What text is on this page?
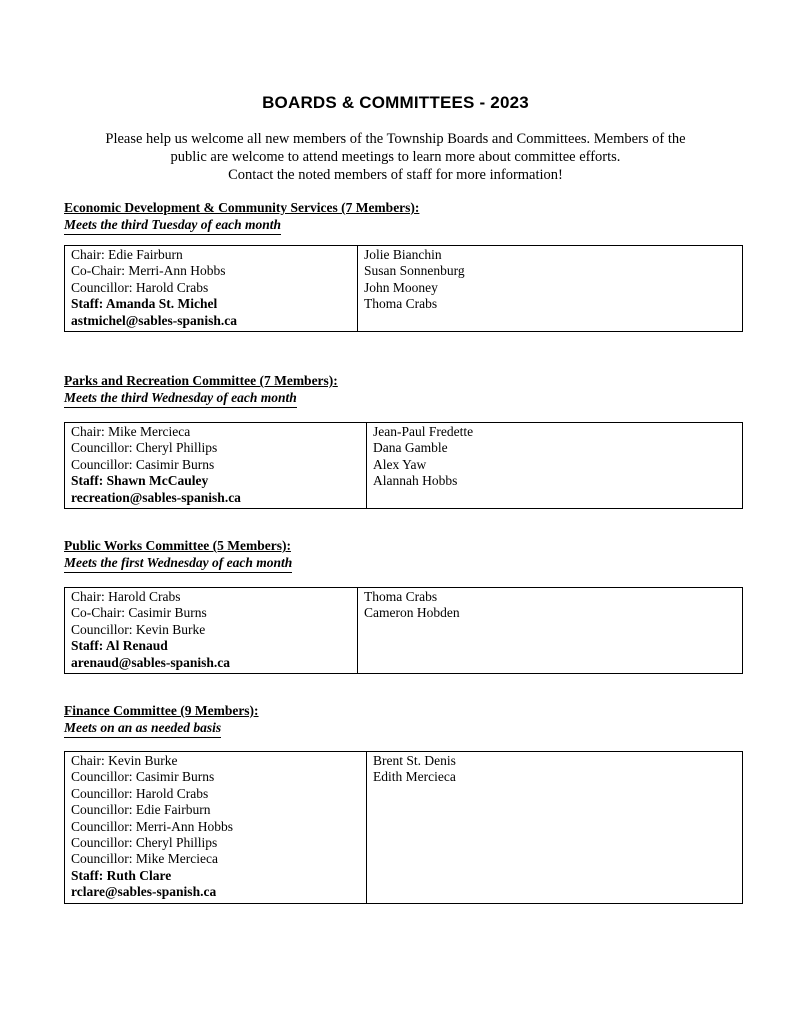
BOARDS & COMMITTEES - 2023
Please help us welcome all new members of the Township Boards and Committees. Members of the
public are welcome to attend meetings to learn more about committee efforts.
Contact the noted members of staff for more information!
Economic Development & Community Services (7 Members):
Meets the third Tuesday of each month
Chair: Edie Fairburn
Co-Chair: Merri-Ann Hobbs
Councillor: Harold Crabs
Staff: Amanda St. Michel
astmichel@sables-spanish.ca

Jolie Bianchin
Susan Sonnenburg
John Mooney
Thoma Crabs
Parks and Recreation Committee (7 Members):
Meets the third Wednesday of each month
Chair: Mike Mercieca
Councillor: Cheryl Phillips
Councillor: Casimir Burns
Staff: Shawn McCauley
recreation@sables-spanish.ca

Jean-Paul Fredette
Dana Gamble
Alex Yaw
Alannah Hobbs
Public Works Committee (5 Members):
Meets the first Wednesday of each month
Chair: Harold Crabs
Co-Chair: Casimir Burns
Councillor: Kevin Burke
Staff: Al Renaud
arenaud@sables-spanish.ca

Thoma Crabs
Cameron Hobden
Finance Committee (9 Members):
Meets on an as needed basis
Chair: Kevin Burke
Councillor: Casimir Burns
Councillor: Harold Crabs
Councillor: Edie Fairburn
Councillor: Merri-Ann Hobbs
Councillor: Cheryl Phillips
Councillor: Mike Mercieca
Staff: Ruth Clare
rclare@sables-spanish.ca

Brent St. Denis
Edith Mercieca
